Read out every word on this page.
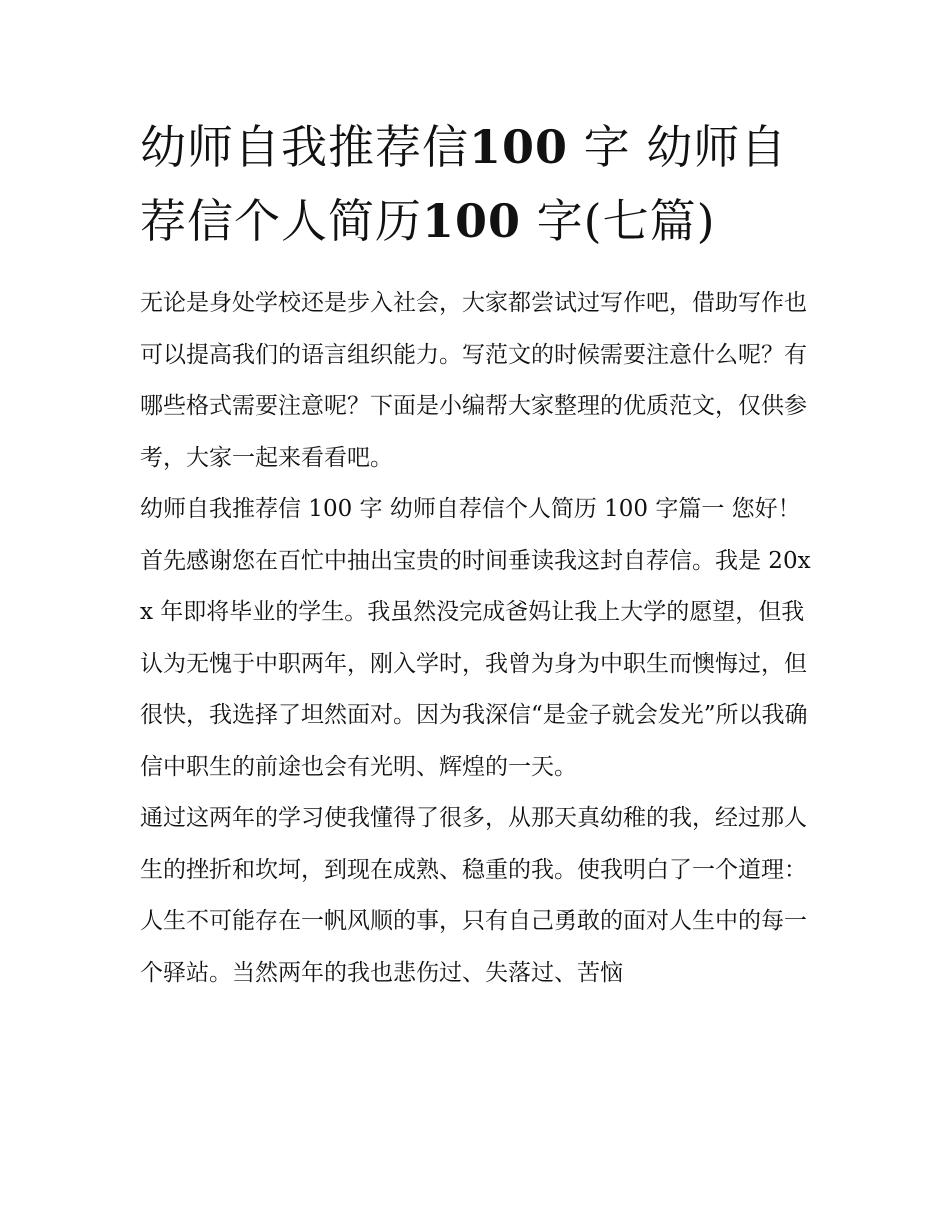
幼师自我推荐信100 字 幼师自荐信个人简历100 字(七篇)

无论是身处学校还是步入社会，大家都尝试过写作吧，借助写作也可以提高我们的语言组织能力。写范文的时候需要注意什么呢？有哪些格式需要注意呢？下面是小编帮大家整理的优质范文，仅供参考，大家一起来看看吧。

幼师自我推荐信 100 字 幼师自荐信个人简历 100 字篇一 您好！

首先感谢您在百忙中抽出宝贵的时间垂读我这封自荐信。我是 20xx 年即将毕业的学生。我虽然没完成爸妈让我上大学的愿望，但我认为无愧于中职两年，刚入学时，我曾为身为中职生而懊悔过，但很快，我选择了坦然面对。因为我深信“是金子就会发光”所以我确信中职生的前途也会有光明、辉煌的一天。

通过这两年的学习使我懂得了很多，从那天真幼稚的我，经过那人生的挫折和坎坷，到现在成熟、稳重的我。使我明白了一个道理：人生不可能存在一帆风顺的事，只有自己勇敢的面对人生中的每一个驿站。当然两年的我也悲伤过、失落过、苦恼
